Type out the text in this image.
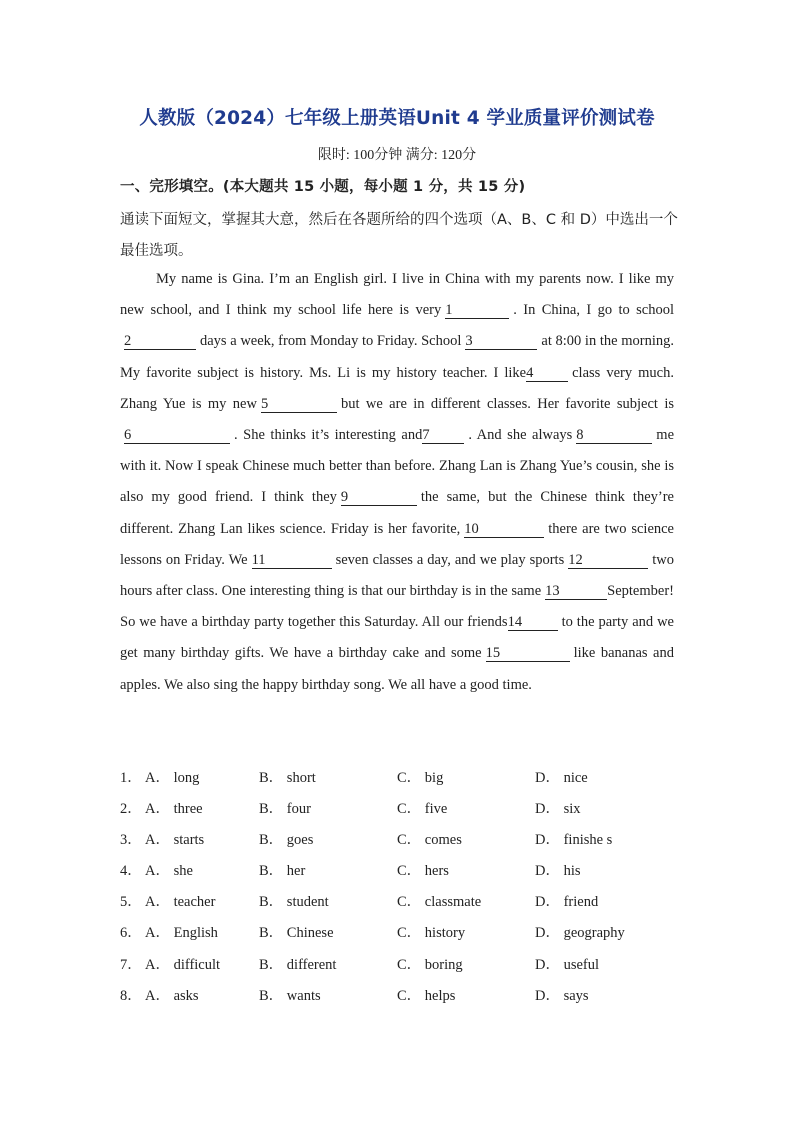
人教版（2024）七年级上册英语Unit 4 学业质量评价测试卷
限时: 100分钟 满分: 120分
一、完形填空。(本大题共 15 小题，每小题 1 分，共 15 分)
通读下面短文，掌握其大意，然后在各题所给的四个选项（A、B、C 和 D）中选出一个最佳选项。
My name is Gina. I’m an English girl. I live in China with my parents now. I like my new school, and I think my school life here is very 1	. In China, I go to school2	days a week, from Monday to Friday. School 3	at 8:00 in the morning. My favorite subject is history. Ms. Li is my history teacher. I like4	class very much. Zhang Yue is my new 5	but we are in different classes. Her favorite subject is6	. She thinks it’s interesting and7	. And she always 8	me with it. Now I speak Chinese much better than before. Zhang Lan is Zhang Yue’s cousin, she is also my good friend. I think they 9	the same, but the Chinese think they’re different. Zhang Lan likes science. Friday is her favorite, 10	there are two science lessons on Friday. We 11	seven classes a day, and we play sports 12	two hours after class. One interesting thing is that our birthday is in the same 13	September! So we have a birthday party together this Saturday. All our friends14	to the party and we get many birthday gifts. We have a birthday cake and some 15	like bananas and apples. We also sing the happy birthday song. We all have a good time.
1． A． long	B． short	C． big	D． nice
2． A． three	B． four	C． five	D． six
3． A． starts	B． goes	C． comes	D． finishe s
4． A． she	B． her	C． hers	D． his
5． A． teacher	B． student	C． classmate	D． friend
6． A． English	B． Chinese	C． history	D． geography
7． A． difficult	B． different	C． boring	D． useful
8． A． asks	B． wants	C． helps	D． says
